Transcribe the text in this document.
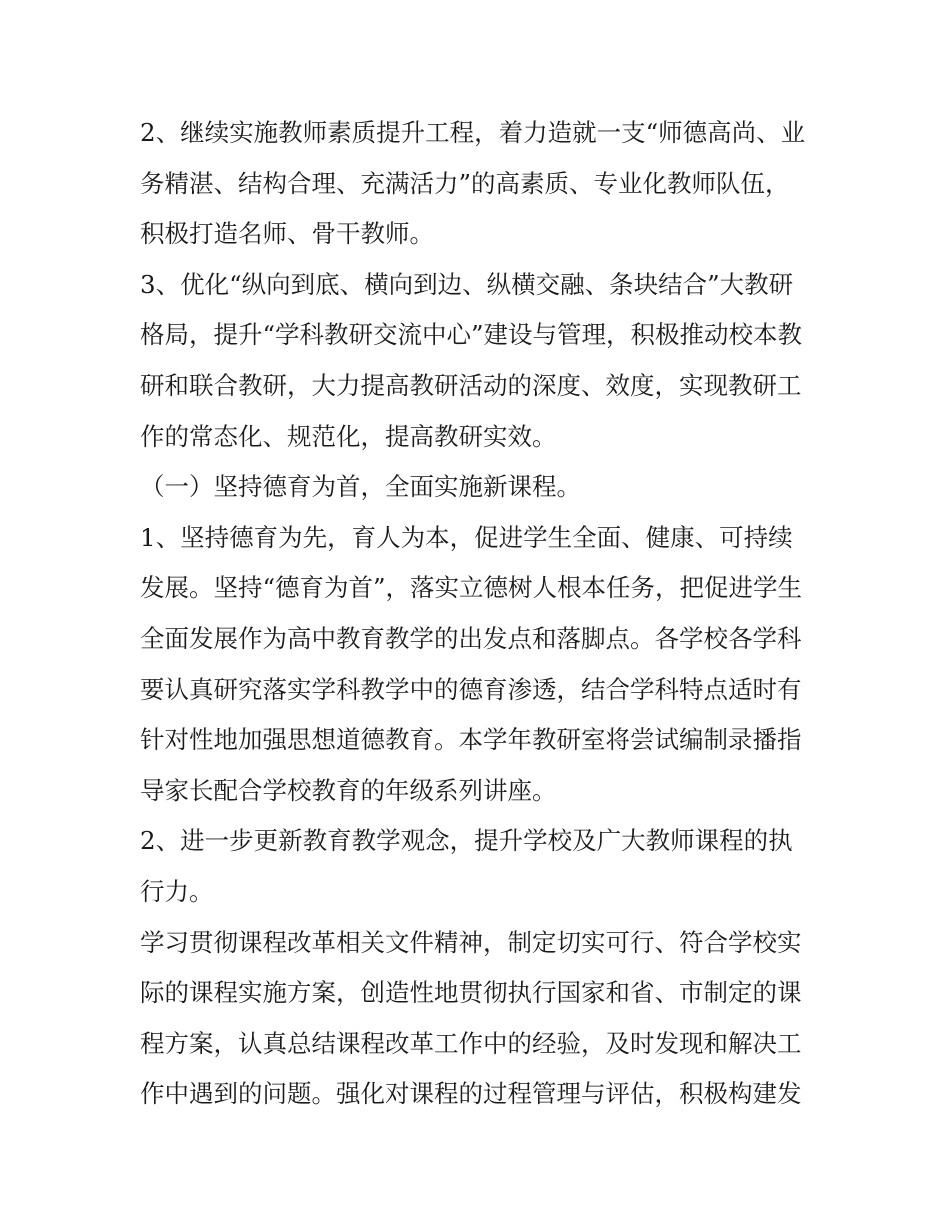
2、继续实施教师素质提升工程，着力造就一支“师德高尚、业
务精湛、结构合理、充满活力”的高素质、专业化教师队伍，
积极打造名师、骨干教师。
3、优化“纵向到底、横向到边、纵横交融、条块结合”大教研
格局，提升“学科教研交流中心”建设与管理，积极推动校本教
研和联合教研，大力提高教研活动的深度、效度，实现教研工
作的常态化、规范化，提高教研实效。
（一）坚持德育为首，全面实施新课程。
1、坚持德育为先，育人为本，促进学生全面、健康、可持续
发展。坚持“德育为首”，落实立德树人根本任务，把促进学生
全面发展作为高中教育教学的出发点和落脚点。各学校各学科
要认真研究落实学科教学中的德育渗透，结合学科特点适时有
针对性地加强思想道德教育。本学年教研室将尝试编制录播指
导家长配合学校教育的年级系列讲座。
2、进一步更新教育教学观念，提升学校及广大教师课程的执
行力。
学习贯彻课程改革相关文件精神，制定切实可行、符合学校实
际的课程实施方案，创造性地贯彻执行国家和省、市制定的课
程方案，认真总结课程改革工作中的经验，及时发现和解决工
作中遇到的问题。强化对课程的过程管理与评估，积极构建发
